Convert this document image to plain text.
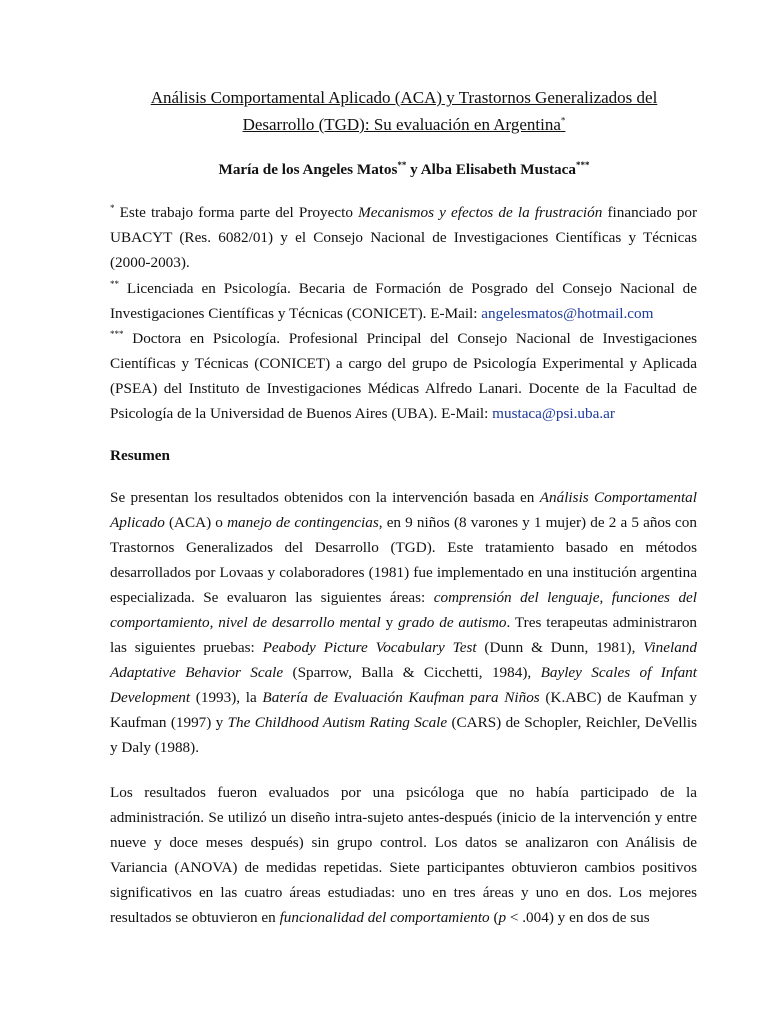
Análisis Comportamental Aplicado (ACA) y Trastornos Generalizados del
Desarrollo (TGD): Su evaluación en Argentina*
María de los Angeles Matos** y Alba Elisabeth Mustaca***
* Este trabajo forma parte del Proyecto Mecanismos y efectos de la frustración financiado por UBACYT (Res. 6082/01) y el Consejo Nacional de Investigaciones Científicas y Técnicas (2000-2003).
** Licenciada en Psicología. Becaria de Formación de Posgrado del Consejo Nacional de Investigaciones Científicas y Técnicas (CONICET). E-Mail: angelesmatos@hotmail.com
*** Doctora en Psicología. Profesional Principal del Consejo Nacional de Investigaciones Científicas y Técnicas (CONICET) a cargo del grupo de Psicología Experimental y Aplicada (PSEA) del Instituto de Investigaciones Médicas Alfredo Lanari. Docente de la Facultad de Psicología de la Universidad de Buenos Aires (UBA). E-Mail: mustaca@psi.uba.ar
Resumen
Se presentan los resultados obtenidos con la intervención basada en Análisis Comportamental Aplicado (ACA) o manejo de contingencias, en 9 niños (8 varones y 1 mujer) de 2 a 5 años con Trastornos Generalizados del Desarrollo (TGD). Este tratamiento basado en métodos desarrollados por Lovaas y colaboradores (1981) fue implementado en una institución argentina especializada. Se evaluaron las siguientes áreas: comprensión del lenguaje, funciones del comportamiento, nivel de desarrollo mental y grado de autismo. Tres terapeutas administraron las siguientes pruebas: Peabody Picture Vocabulary Test (Dunn & Dunn, 1981), Vineland Adaptative Behavior Scale (Sparrow, Balla & Cicchetti, 1984), Bayley Scales of Infant Development (1993), la Batería de Evaluación Kaufman para Niños (K.ABC) de Kaufman y Kaufman (1997) y The Childhood Autism Rating Scale (CARS) de Schopler, Reichler, DeVellis y Daly (1988).
Los resultados fueron evaluados por una psicóloga que no había participado de la administración. Se utilizó un diseño intra-sujeto antes-después (inicio de la intervención y entre nueve y doce meses después) sin grupo control. Los datos se analizaron con Análisis de Variancia (ANOVA) de medidas repetidas. Siete participantes obtuvieron cambios positivos significativos en las cuatro áreas estudiadas: uno en tres áreas y uno en dos. Los mejores resultados se obtuvieron en funcionalidad del comportamiento (p < .004) y en dos de sus
